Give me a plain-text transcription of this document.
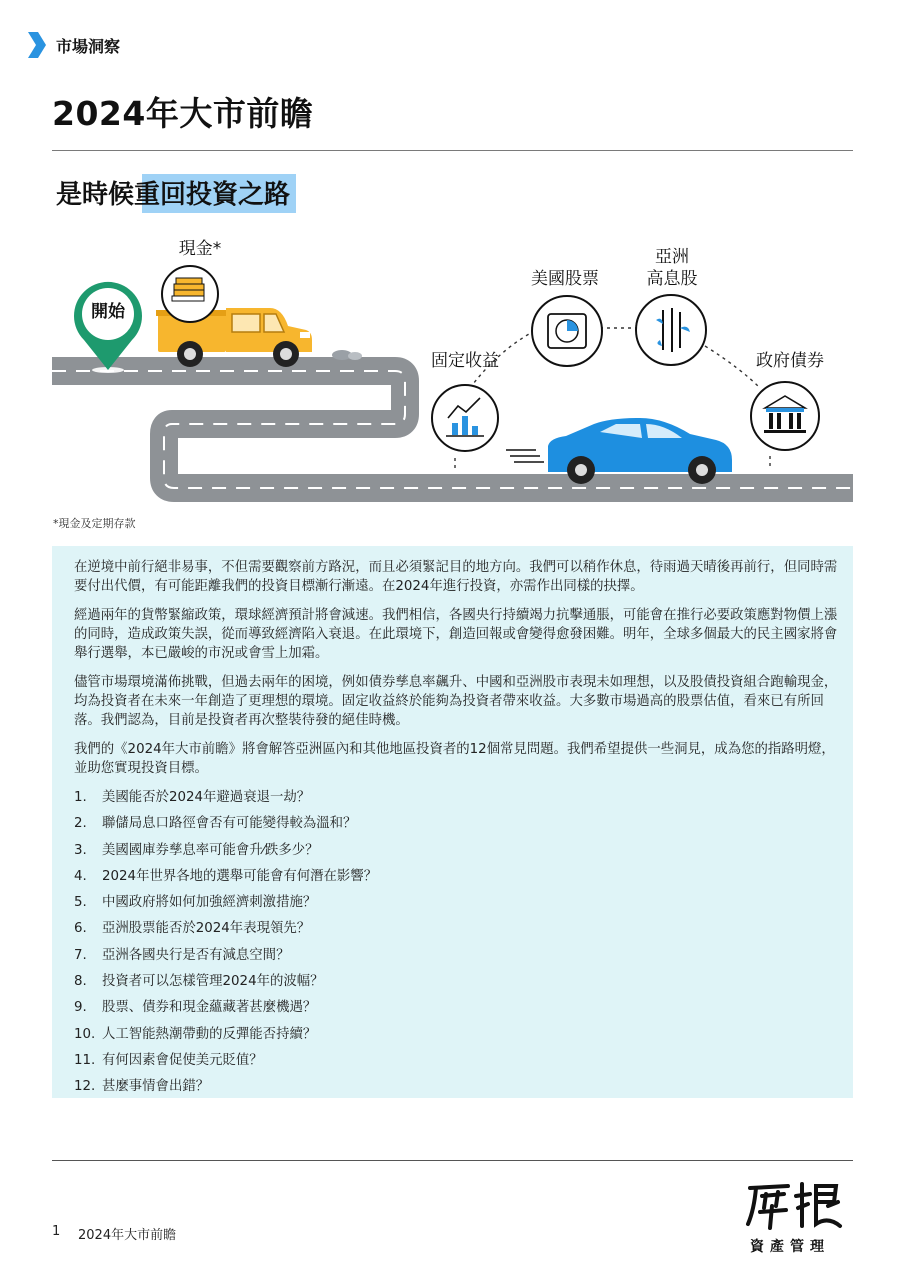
市場洞察
2024年大市前瞻
是時候重回投資之路
開始
現金*
美國股票
亞洲
高息股
固定收益	政府債券
*現金及定期存款

在逆境中前行絕非易事，不但需要觀察前方路況，而且必須緊記目的地方向。我們可以稍作休息，待雨過天晴後再前行，但同時需要付出代價，有可能距離我們的投資目標漸行漸遠。在2024年進行投資，亦需作出同樣的抉擇。

經過兩年的貨幣緊縮政策，環球經濟預計將會減速。我們相信，各國央行持續竭力抗擊通脹，可能會在推行必要政策應對物價上漲的同時，造成政策失誤，從而導致經濟陷入衰退。在此環境下，創造回報或會變得愈發困難。明年，全球多個最大的民主國家將會舉行選舉，本已嚴峻的市況或會雪上加霜。

儘管市場環境滿佈挑戰，但過去兩年的困境，例如債券孳息率飆升、中國和亞洲股市表現未如理想，以及股債投資組合跑輸現金，均為投資者在未來一年創造了更理想的環境。固定收益終於能夠為投資者帶來收益。大多數市場過高的股票估值，看來已有所回落。我們認為，目前是投資者再次整裝待發的絕佳時機。

我們的《2024年大市前瞻》將會解答亞洲區內和其他地區投資者的12個常見問題。我們希望提供一些洞見，成為您的指路明燈，並助您實現投資目標。

1.	美國能否於2024年避過衰退一劫？
2.	聯儲局息口路徑會否有可能變得較為溫和？
3.	美國國庫券孳息率可能會升⁄跌多少？
4.	2024年世界各地的選舉可能會有何潛在影響？
5.	中國政府將如何加強經濟刺激措施？
6.	亞洲股票能否於2024年表現領先？
7.	亞洲各國央行是否有減息空間？
8.	投資者可以怎樣管理2024年的波幅？
9.	股票、債券和現金蘊藏著甚麼機遇？
10. 人工智能熱潮帶動的反彈能否持續？
11. 有何因素會促使美元貶值？
12. 甚麼事情會出錯？
1 2024年大市前瞻
資產管理
